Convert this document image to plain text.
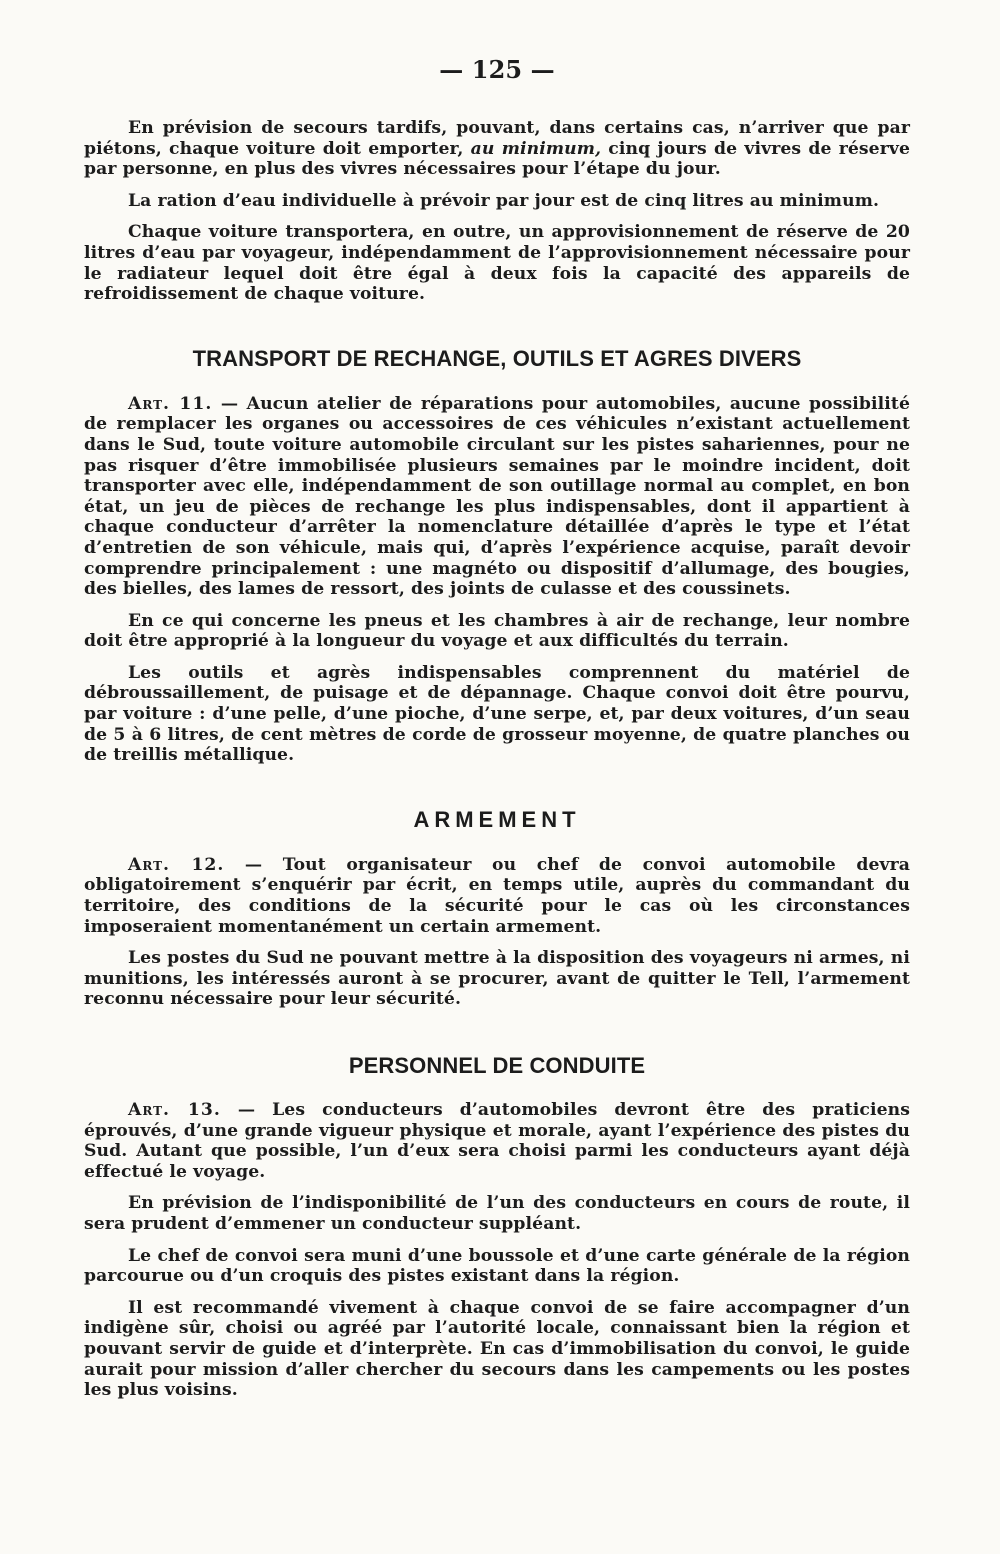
— 125 —

En prévision de secours tardifs, pouvant, dans certains cas, n’arriver que par piétons, chaque voiture doit emporter, au minimum, cinq jours de vivres de réserve par personne, en plus des vivres nécessaires pour l’étape du jour.

La ration d’eau individuelle à prévoir par jour est de cinq litres au minimum.

Chaque voiture transportera, en outre, un approvisionnement de réserve de 20 litres d’eau par voyageur, indépendamment de l’approvisionnement nécessaire pour le radiateur lequel doit être égal à deux fois la capacité des appareils de refroidissement de chaque voiture.

TRANSPORT DE RECHANGE, OUTILS ET AGRES DIVERS

Art. 11. — Aucun atelier de réparations pour automobiles, aucune possibilité de remplacer les organes ou accessoires de ces véhicules n’existant actuellement dans le Sud, toute voiture automobile circulant sur les pistes sahariennes, pour ne pas risquer d’être immobilisée plusieurs semaines par le moindre incident, doit transporter avec elle, indépendamment de son outillage normal au complet, en bon état, un jeu de pièces de rechange les plus indispensables, dont il appartient à chaque conducteur d’arrêter la nomenclature détaillée d’après le type et l’état d’entretien de son véhicule, mais qui, d’après l’expérience acquise, paraît devoir comprendre principalement : une magnéto ou dispositif d’allumage, des bougies, des bielles, des lames de ressort, des joints de culasse et des coussinets.

En ce qui concerne les pneus et les chambres à air de rechange, leur nombre doit être approprié à la longueur du voyage et aux difficultés du terrain.

Les outils et agrès indispensables comprennent du matériel de débroussaillement, de puisage et de dépannage. Chaque convoi doit être pourvu, par voiture : d’une pelle, d’une pioche, d’une serpe, et, par deux voitures, d’un seau de 5 à 6 litres, de cent mètres de corde de grosseur moyenne, de quatre planches ou de treillis métallique.

ARMEMENT

Art. 12. — Tout organisateur ou chef de convoi automobile devra obligatoirement s’enquérir par écrit, en temps utile, auprès du commandant du territoire, des conditions de la sécurité pour le cas où les circonstances imposeraient momentanément un certain armement.

Les postes du Sud ne pouvant mettre à la disposition des voyageurs ni armes, ni munitions, les intéressés auront à se procurer, avant de quitter le Tell, l’armement reconnu nécessaire pour leur sécurité.

PERSONNEL DE CONDUITE

Art. 13. — Les conducteurs d’automobiles devront être des praticiens éprouvés, d’une grande vigueur physique et morale, ayant l’expérience des pistes du Sud. Autant que possible, l’un d’eux sera choisi parmi les conducteurs ayant déjà effectué le voyage.

En prévision de l’indisponibilité de l’un des conducteurs en cours de route, il sera prudent d’emmener un conducteur suppléant.

Le chef de convoi sera muni d’une boussole et d’une carte générale de la région parcourue ou d’un croquis des pistes existant dans la région.

Il est recommandé vivement à chaque convoi de se faire accompagner d’un indigène sûr, choisi ou agréé par l’autorité locale, connaissant bien la région et pouvant servir de guide et d’interprète. En cas d’immobilisation du convoi, le guide aurait pour mission d’aller chercher du secours dans les campements ou les postes les plus voisins.
